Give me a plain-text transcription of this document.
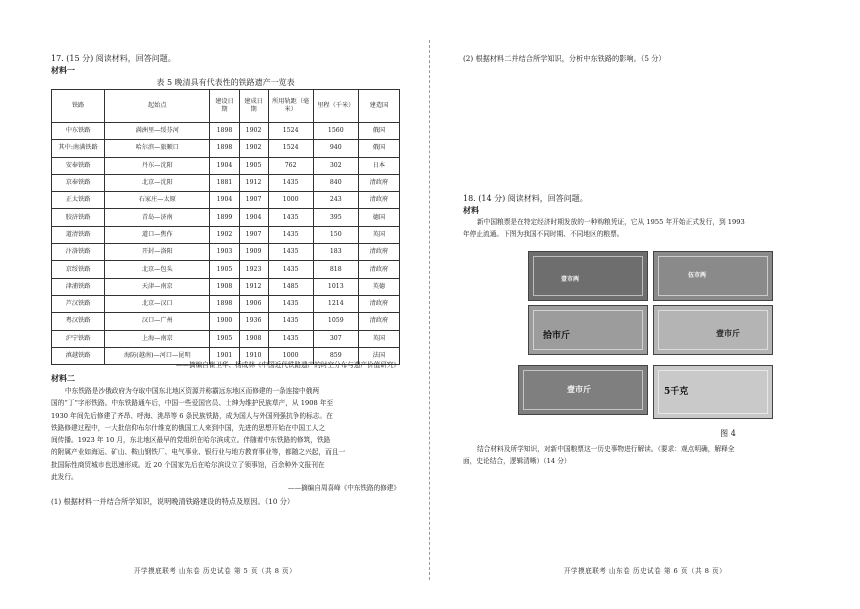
17. (15 分) 阅读材料，回答问题。
材料一
表 5 晚清具有代表性的铁路遗产一览表
铁路	起始点	建设日期	建成日期	所用轨距（毫米）	里程（千米）	建造国
中东铁路	满洲里—绥芬河	1898	1902	1524	1560	俄国
其中:南满铁路	哈尔滨—旅顺口	1898	1902	1524	940	俄国
安奉铁路	丹东—沈阳	1904	1905	762	302	日本
京奉铁路	北京—沈阳	1881	1912	1435	840	清政府
正太铁路	石家庄—太原	1904	1907	1000	243	清政府
胶济铁路	青岛—济南	1899	1904	1435	395	德国
道清铁路	道口—焦作	1902	1907	1435	150	英国
汴洛铁路	开封—洛阳	1903	1909	1435	183	清政府
京绥铁路	北京—包头	1905	1923	1435	818	清政府
津浦铁路	天津—南京	1908	1912	1485	1013	英德
芦汉铁路	北京—汉口	1898	1906	1435	1214	清政府
粤汉铁路	汉口—广州	1900	1936	1435	1059	清政府
沪宁铁路	上海—南京	1905	1908	1435	307	英国
滇越铁路	海防(越南)—河口—昆明	1901	1910	1000	859	法国
——摘编自崔卫华、杨成林《中国近代铁路遗产的时空分布与遗产价值研究》
材料二
中东铁路是沙俄政府为夺取中国东北地区资源并称霸远东地区而修建的一条连接中俄两
国的“丁”字形铁路。中东铁路通车后，中国一些爱国官员、士绅为维护民族草产，从 1908 年至
1930 年间先后修建了齐昂、呼海、洮昂等 6 条民族铁路，成为国人与外国列强抗争的标志。在
铁路修建过程中，一大批信仰布尔什维克的俄国工人来到中国，先进的思想开始在中国工人之
间传播。1923 年 10 月，东北地区最早的党组织在哈尔滨成立。伴随着中东铁路的修筑，铁路
的附属产业如海运、矿山、鞍山钢铁厂、电气事业、银行业与地方教育事业等，都随之兴起，而且一
批国际性商贸城市也迅速形成。近 20 个国家先后在哈尔滨设立了领事馆，百余种外文报刊在
此发行。
——摘编自周喜峰《中东铁路的修建》
(1) 根据材料一并结合所学知识，说明晚清铁路建设的特点及原因。（10 分）
开学摸底联考 山东卷 历史试卷 第 5 页（共 8 页）
(2) 根据材料二并结合所学知识，分析中东铁路的影响。（5 分）
18. (14 分) 阅读材料，回答问题。
材料
新中国粮票是在特定经济时期发放的一种购粮凭证，它从 1955 年开始正式发行，到 1993
年停止流通。下图为我国不同时期、不同地区的粮票。
图 4
结合材料及所学知识，对新中国粮票这一历史事物进行解读。（要求：观点明确，解释全
面，史论结合，逻辑清晰）（14 分）
开学摸底联考 山东卷 历史试卷 第 6 页（共 8 页）
壹市两
伍市两
拾市斤	壹市斤
壹市斤	5千克
